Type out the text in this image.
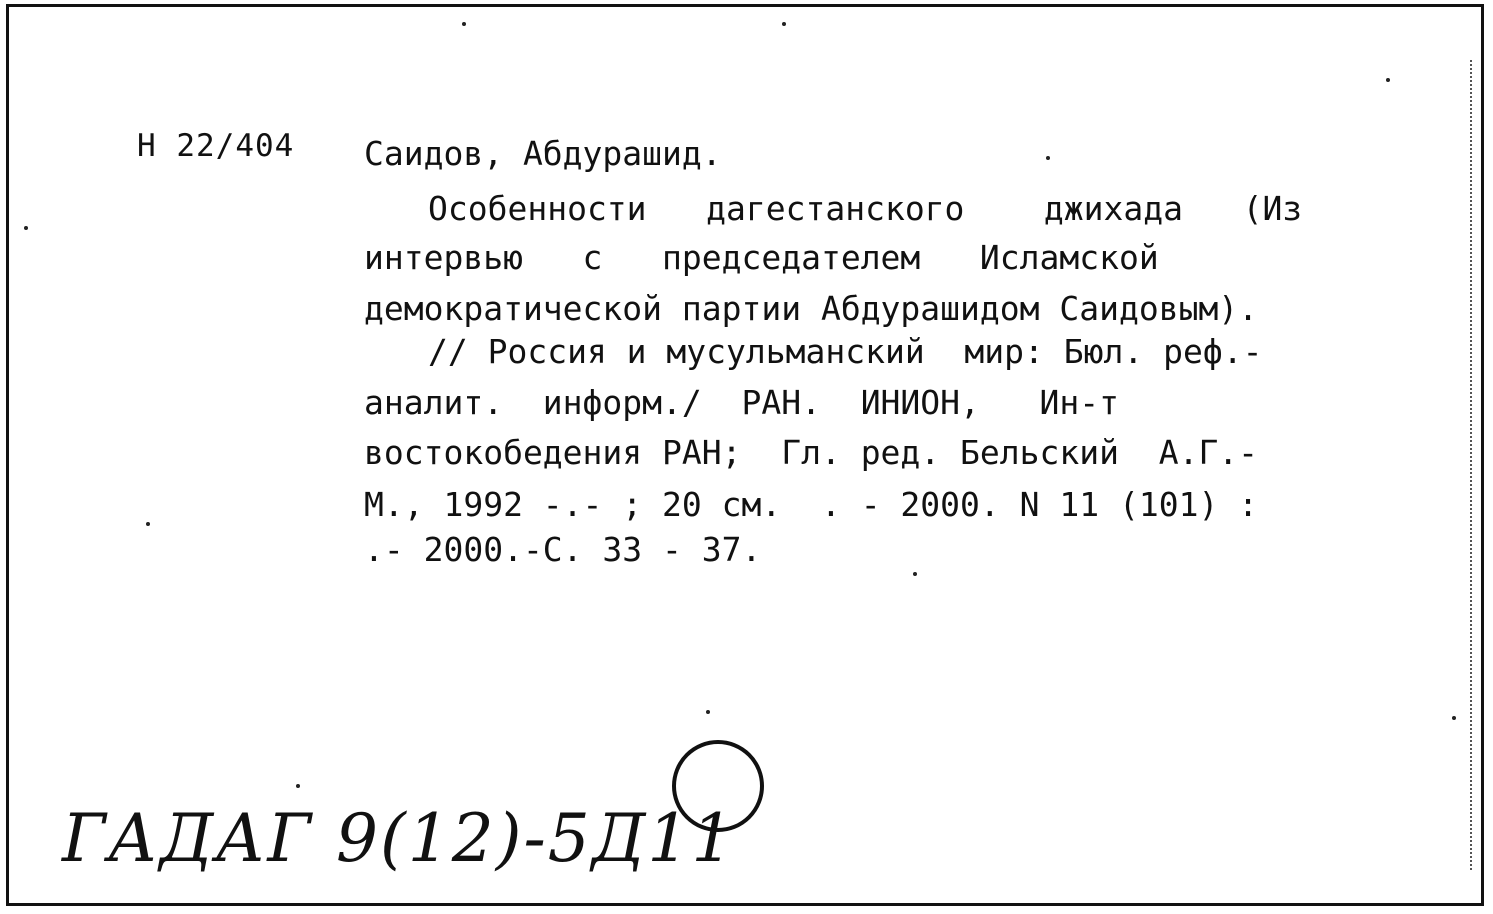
Н 22/404 Саидов, Абдурашид.
Особенности   дагестанского    джихада   (Из
интервью   с   председателем   Исламской
демократической партии Абдурашидом Саидовым).
// Россия и мусульманский  мир: Бюл. реф.-
аналит.  информ./  РАН.  ИНИОН,   Ин-т
востокобедения РАН;  Гл. ред. Бельский  А.Г.-
М., 1992 -.- ; 20 см.  . - 2000. N 11 (101) :
.- 2000.-С. 33 - 37.
ГАДАГ 9(12)-5Д11
